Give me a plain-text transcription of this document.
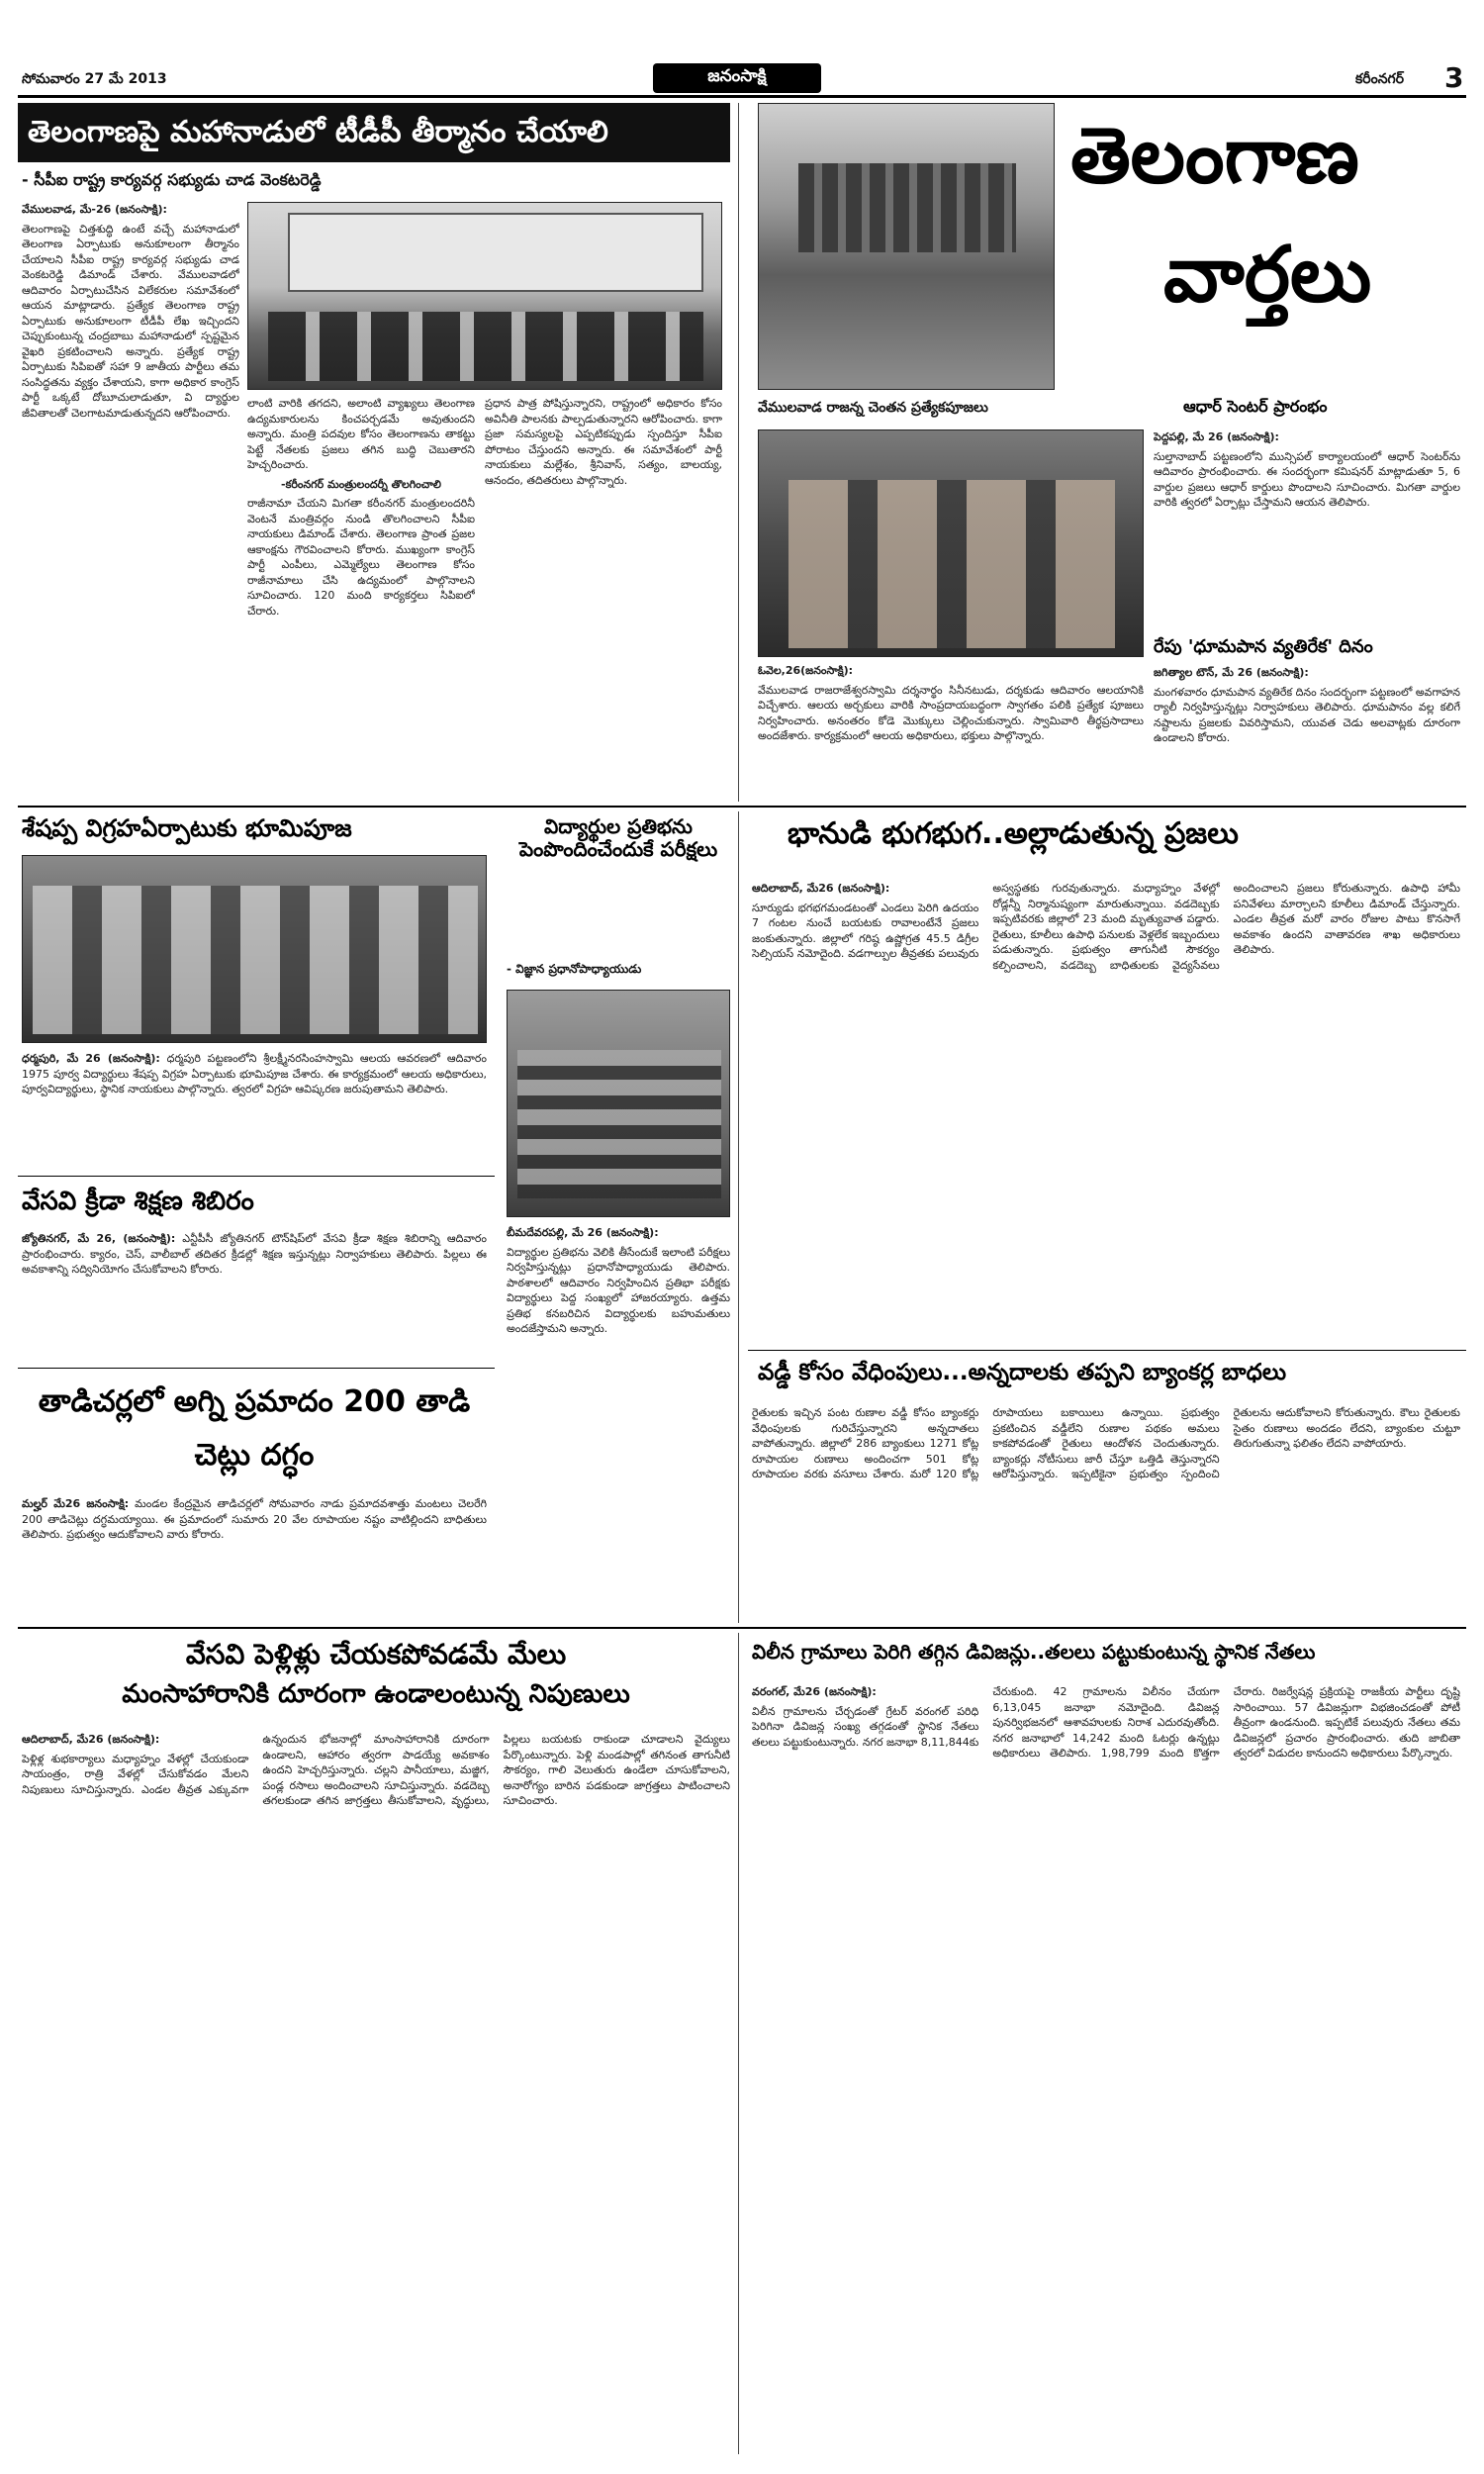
సోమవారం 27 మే 2013	జనంసాక్షి	కరీంనగర్ 3
తెలంగాణపై మహానాడులో టీడీపీ తీర్మానం చేయాలి
- సీపీఐ రాష్ట్ర కార్యవర్గ సభ్యుడు చాడ వెంకటరెడ్డి

వేములవాడ, మే-26 (జనంసాక్షి):

తెలంగాణపై చిత్తశుద్ధి ఉంటే వచ్చే మహానాడులో తెలంగాణ ఏర్పాటుకు అనుకూలంగా తీర్మానం చేయాలని సీపీఐ రాష్ట్ర కార్యవర్గ సభ్యుడు చాడ వెంకటరెడ్డి డిమాండ్‌ చేశారు. వేములవాడలో ఆదివారం ఏర్పాటుచేసిన విలేకరుల సమావేశంలో ఆయన మాట్లాడారు. ప్రత్యేక తెలంగాణ రాష్ట్ర ఏర్పాటుకు అనుకూలంగా టీడీపీ లేఖ ఇచ్చిందని చెప్పుకుంటున్న చంద్రబాబు మహానాడులో స్పష్టమైన వైఖరి ప్రకటించాలని అన్నారు. ప్రత్యేక రాష్ట్ర ఏర్పాటుకు సిపిఐతో సహా 9 జాతీయ పార్టీలు తమ సంసిద్ధతను వ్యక్తం చేశాయని, కాగా అధికార కాంగ్రెస్‌ పార్టీ ఒక్కటే దోబూచులాడుతూ, వి ద్యార్థుల జీవితాలతో చెలగాటమాడుతున్నదని ఆరోపించారు.

లాంటి వారికి తగదని, అలాంటి వ్యాఖ్యలు తెలంగాణ ఉద్యమకారులను కించపర్చడమే అవుతుందని అన్నారు. మంత్రి పదవుల కోసం తెలంగాణను తాకట్టు పెట్టే నేతలకు ప్రజలు తగిన బుద్ధి చెబుతారని హెచ్చరించారు.

-కరీంనగర్‌ మంత్రులందర్నీ తొలగించాలి

రాజీనామా చేయని మిగతా కరీంనగర్‌ మంత్రులందరినీ వెంటనే మంత్రివర్గం నుండి తొలగించాలని సీపీఐ నాయకులు డిమాండ్‌ చేశారు. తెలంగాణ ప్రాంత ప్రజల ఆకాంక్షను గౌరవించాలని కోరారు. ముఖ్యంగా కాంగ్రెస్‌ పార్టీ ఎంపీలు, ఎమ్మెల్యేలు తెలంగాణ కోసం రాజీనామాలు చేసి ఉద్యమంలో పాల్గొనాలని సూచించారు. 120 మంది కార్యకర్తలు సిపిఐలో చేరారు.

ప్రధాన పాత్ర పోషిస్తున్నారని, రాష్ట్రంలో అధికారం కోసం అవినీతి పాలనకు పాల్పడుతున్నారని ఆరోపించారు. కాగా ప్రజా సమస్యలపై ఎప్పటికప్పుడు స్పందిస్తూ సీపీఐ పోరాటం చేస్తుందని అన్నారు. ఈ సమావేశంలో పార్టీ నాయకులు మల్లేశం, శ్రీనివాస్‌, సత్యం, బాలయ్య, ఆనందం, తదితరులు పాల్గొన్నారు.

తెలంగాణ
వార్తలు
వేములవాడ రాజన్న చెంతన ప్రత్యేకపూజలు	ఆధార్‌ సెంటర్‌ ప్రారంభం

పెద్దపల్లి, మే 26 (జనంసాక్షి):

సుల్తానాబాద్‌ పట్టణంలోని మున్సిపల్‌ కార్యాలయంలో ఆధార్‌ సెంటర్‌ను ఆదివారం ప్రారంభించారు. ఈ సందర్భంగా కమిషనర్‌ మాట్లాడుతూ 5, 6 వార్డుల ప్రజలు ఆధార్‌ కార్డులు పొందాలని సూచించారు. మిగతా వార్డుల వారికి త్వరలో ఏర్పాట్లు చేస్తామని ఆయన తెలిపారు.

రేపు 'ధూమపాన వ్యతిరేక' దినం

జగిత్యాల టౌన్‌, మే 26 (జనంసాక్షి):

మంగళవారం ధూమపాన వ్యతిరేక దినం సందర్భంగా పట్టణంలో అవగాహన ర్యాలీ నిర్వహిస్తున్నట్లు నిర్వాహకులు తెలిపారు. ధూమపానం వల్ల కలిగే నష్టాలను ప్రజలకు వివరిస్తామని, యువత చెడు అలవాట్లకు దూరంగా ఉండాలని కోరారు.

ఓవెల,26(జనంసాక్షి):

వేములవాడ రాజరాజేశ్వరస్వామి దర్శనార్థం సినీనటుడు, దర్శకుడు ఆదివారం ఆలయానికి విచ్చేశారు. ఆలయ అర్చకులు వారికి సాంప్రదాయబద్ధంగా స్వాగతం పలికి ప్రత్యేక పూజలు నిర్వహించారు. అనంతరం కోడె మొక్కులు చెల్లించుకున్నారు. స్వామివారి తీర్థప్రసాదాలు అందజేశారు. కార్యక్రమంలో ఆలయ అధికారులు, భక్తులు పాల్గొన్నారు.

శేషప్ప విగ్రహఏర్పాటుకు భూమిపూజ

ధర్మపురి, మే 26 (జనంసాక్షి): ధర్మపురి పట్టణంలోని శ్రీలక్ష్మీనరసింహస్వామి ఆలయ ఆవరణలో ఆదివారం 1975 పూర్వ విద్యార్థులు శేషప్ప విగ్రహ ఏర్పాటుకు భూమిపూజ చేశారు. ఈ కార్యక్రమంలో ఆలయ అధికారులు, పూర్వవిద్యార్థులు, స్థానిక నాయకులు పాల్గొన్నారు. త్వరలో విగ్రహ ఆవిష్కరణ జరుపుతామని తెలిపారు.

విద్యార్థుల ప్రతిభను పెంపొందించేందుకే పరీక్షలు
- విజ్ఞాన ప్రధానోపాధ్యాయుడు

బీమదేవరపల్లి, మే 26 (జనంసాక్షి):

విద్యార్థుల ప్రతిభను వెలికి తీసేందుకే ఇలాంటి పరీక్షలు నిర్వహిస్తున్నట్లు ప్రధానోపాధ్యాయుడు తెలిపారు. పాఠశాలలో ఆదివారం నిర్వహించిన ప్రతిభా పరీక్షకు విద్యార్థులు పెద్ద సంఖ్యలో హాజరయ్యారు. ఉత్తమ ప్రతిభ కనబరిచిన విద్యార్థులకు బహుమతులు అందజేస్తామని అన్నారు.

వేసవి క్రీడా శిక్షణ శిబిరం

జ్యోతినగర్‌, మే 26, (జనంసాక్షి): ఎన్టీపీసీ జ్యోతినగర్‌ టౌన్‌షిప్‌లో వేసవి క్రీడా శిక్షణ శిబిరాన్ని ఆదివారం ప్రారంభించారు. క్యారం, చెస్‌, వాలీబాల్‌ తదితర క్రీడల్లో శిక్షణ ఇస్తున్నట్లు నిర్వాహకులు తెలిపారు. పిల్లలు ఈ అవకాశాన్ని సద్వినియోగం చేసుకోవాలని కోరారు.

తాడిచర్లలో అగ్ని ప్రమాదం 200 తాడి చెట్లు దగ్ధం

మల్హర్‌ మే26 జనంసాక్షి: మండల కేంద్రమైన తాడిచర్లలో సోమవారం నాడు ప్రమాదవశాత్తు మంటలు చెలరేగి 200 తాడిచెట్లు దగ్ధమయ్యాయి. ఈ ప్రమాదంలో సుమారు 20 వేల రూపాయల నష్టం వాటిల్లిందని బాధితులు తెలిపారు. ప్రభుత్వం ఆదుకోవాలని వారు కోరారు.

భానుడి భుగభుగ..అల్లాడుతున్న ప్రజలు

ఆదిలాబాద్‌, మే26 (జనంసాక్షి):

సూర్యుడు భగభగమండటంతో ఎండలు పెరిగి ఉదయం 7 గంటల నుంచే బయటకు రావాలంటేనే ప్రజలు జంకుతున్నారు. జిల్లాలో గరిష్ఠ ఉష్ణోగ్రత 45.5 డిగ్రీల సెల్సియస్‌ నమోదైంది. వడగాల్పుల తీవ్రతకు పలువురు అస్వస్థతకు గురవుతున్నారు. మధ్యాహ్నం వేళల్లో రోడ్లన్నీ నిర్మానుష్యంగా మారుతున్నాయి. వడదెబ్బకు ఇప్పటివరకు జిల్లాలో 23 మంది మృత్యువాత పడ్డారు. రైతులు, కూలీలు ఉపాధి పనులకు వెళ్లలేక ఇబ్బందులు పడుతున్నారు. ప్రభుత్వం తాగునీటి సౌకర్యం కల్పించాలని, వడదెబ్బ బాధితులకు వైద్యసేవలు అందించాలని ప్రజలు కోరుతున్నారు. ఉపాధి హామీ పనివేళలు మార్చాలని కూలీలు డిమాండ్‌ చేస్తున్నారు. ఎండల తీవ్రత మరో వారం రోజుల పాటు కొనసాగే అవకాశం ఉందని వాతావరణ శాఖ అధికారులు తెలిపారు.

వడ్డీ కోసం వేధింపులు...అన్నదాలకు తప్పని బ్యాంకర్ల బాధలు

రైతులకు ఇచ్చిన పంట రుణాల వడ్డీ కోసం బ్యాంకర్లు వేధింపులకు గురిచేస్తున్నారని అన్నదాతలు వాపోతున్నారు. జిల్లాలో 286 బ్యాంకులు 1271 కోట్ల రూపాయల రుణాలు అందించగా 501 కోట్ల రూపాయల వరకు వసూలు చేశారు. మరో 120 కోట్ల రూపాయలు బకాయిలు ఉన్నాయి. ప్రభుత్వం ప్రకటించిన వడ్డీలేని రుణాల పథకం అమలు కాకపోవడంతో రైతులు ఆందోళన చెందుతున్నారు. బ్యాంకర్లు నోటీసులు జారీ చేస్తూ ఒత్తిడి తెస్తున్నారని ఆరోపిస్తున్నారు. ఇప్పటికైనా ప్రభుత్వం స్పందించి రైతులను ఆదుకోవాలని కోరుతున్నారు. కౌలు రైతులకు సైతం రుణాలు అందడం లేదని, బ్యాంకుల చుట్టూ తిరుగుతున్నా ఫలితం లేదని వాపోయారు.

వేసవి పెళ్లిళ్లు చేయకపోవడమే మేలు
మంసాహారానికి దూరంగా ఉండాలంటున్న నిపుణులు

ఆదిలాబాద్‌, మే26 (జనంసాక్షి):

పెళ్లిళ్ల శుభకార్యాలు మధ్యాహ్నం వేళల్లో చేయకుండా సాయంత్రం, రాత్రి వేళల్లో చేసుకోవడం మేలని నిపుణులు సూచిస్తున్నారు. ఎండల తీవ్రత ఎక్కువగా ఉన్నందున భోజనాల్లో మాంసాహారానికి దూరంగా ఉండాలని, ఆహారం త్వరగా పాడయ్యే అవకాశం ఉందని హెచ్చరిస్తున్నారు. చల్లని పానీయాలు, మజ్జిగ, పండ్ల రసాలు అందించాలని సూచిస్తున్నారు. వడదెబ్బ తగలకుండా తగిన జాగ్రత్తలు తీసుకోవాలని, వృద్ధులు, పిల్లలు బయటకు రాకుండా చూడాలని వైద్యులు పేర్కొంటున్నారు. పెళ్లి మండపాల్లో తగినంత తాగునీటి సౌకర్యం, గాలి వెలుతురు ఉండేలా చూసుకోవాలని, అనారోగ్యం బారిన పడకుండా జాగ్రత్తలు పాటించాలని సూచించారు.

విలీన గ్రామాలు పెరిగి తగ్గిన డివిజన్లు..తలలు పట్టుకుంటున్న స్థానిక నేతలు

వరంగల్‌, మే26 (జనంసాక్షి):

విలీన గ్రామాలను చేర్చడంతో గ్రేటర్‌ వరంగల్‌ పరిధి పెరిగినా డివిజన్ల సంఖ్య తగ్గడంతో స్థానిక నేతలు తలలు పట్టుకుంటున్నారు. నగర జనాభా 8,11,844కు చేరుకుంది. 42 గ్రామాలను విలీనం చేయగా 6,13,045 జనాభా నమోదైంది. డివిజన్ల పునర్విభజనలో ఆశావహులకు నిరాశ ఎదురవుతోంది. నగర జనాభాలో 14,242 మంది ఓటర్లు ఉన్నట్లు అధికారులు తెలిపారు. 1,98,799 మంది కొత్తగా చేరారు. రిజర్వేషన్ల ప్రక్రియపై రాజకీయ పార్టీలు దృష్టి సారించాయి. 57 డివిజన్లుగా విభజించడంతో పోటీ తీవ్రంగా ఉండనుంది. ఇప్పటికే పలువురు నేతలు తమ డివిజన్లలో ప్రచారం ప్రారంభించారు. తుది జాబితా త్వరలో విడుదల కానుందని అధికారులు పేర్కొన్నారు.
